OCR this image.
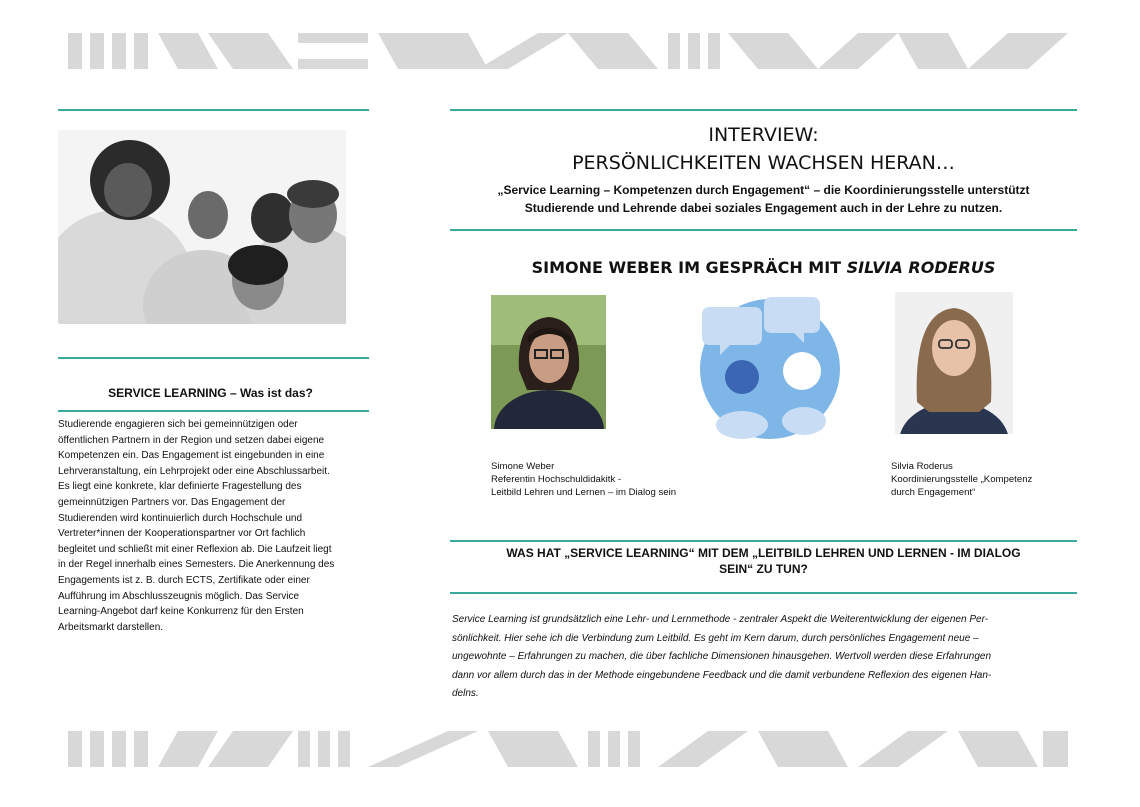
SERVICE LEARNING – Was ist das?
Studierende engagieren sich bei gemeinnützigen oder
öffentlichen Partnern in der Region und setzen dabei eigene
Kompetenzen ein. Das Engagement ist eingebunden in eine
Lehrveranstaltung, ein Lehrprojekt oder eine Abschlussarbeit.
Es liegt eine konkrete, klar definierte Fragestellung des
gemeinnützigen Partners vor. Das Engagement der
Studierenden wird kontinuierlich durch Hochschule und
Vertreter*innen der Kooperationspartner vor Ort fachlich
begleitet und schließt mit einer Reflexion ab. Die Laufzeit liegt
in der Regel innerhalb eines Semesters. Die Anerkennung des
Engagements ist z. B. durch ECTS, Zertifikate oder einer
Aufführung im Abschlusszeugnis möglich. Das Service
Learning-Angebot darf keine Konkurrenz für den Ersten
Arbeitsmarkt darstellen.
INTERVIEW:
PERSÖNLICHKEITEN WACHSEN HERAN…
„Service Learning – Kompetenzen durch Engagement“ – die Koordinierungsstelle unterstützt
Studierende und Lehrende dabei soziales Engagement auch in der Lehre zu nutzen.
SIMONE WEBER IM GESPRÄCH MIT SILVIA RODERUS
Simone Weber
Referentin Hochschuldidakitk -
Leitbild Lehren und Lernen – im Dialog sein
Silvia Roderus
Koordinierungsstelle „Kompetenz
durch Engagement“
WAS HAT „SERVICE LEARNING“ MIT DEM „LEITBILD LEHREN UND LERNEN - IM DIALOG
SEIN“ ZU TUN?
Service Learning ist grundsätzlich eine Lehr- und Lernmethode - zentraler Aspekt die Weiterentwicklung der eigenen Per-
sönlichkeit. Hier sehe ich die Verbindung zum Leitbild. Es geht im Kern darum, durch persönliches Engagement neue –
ungewohnte – Erfahrungen zu machen, die über fachliche Dimensionen hinausgehen. Wertvoll werden diese Erfahrungen
dann vor allem durch das in der Methode eingebundene Feedback und die damit verbundene Reflexion des eigenen Han-
delns.
